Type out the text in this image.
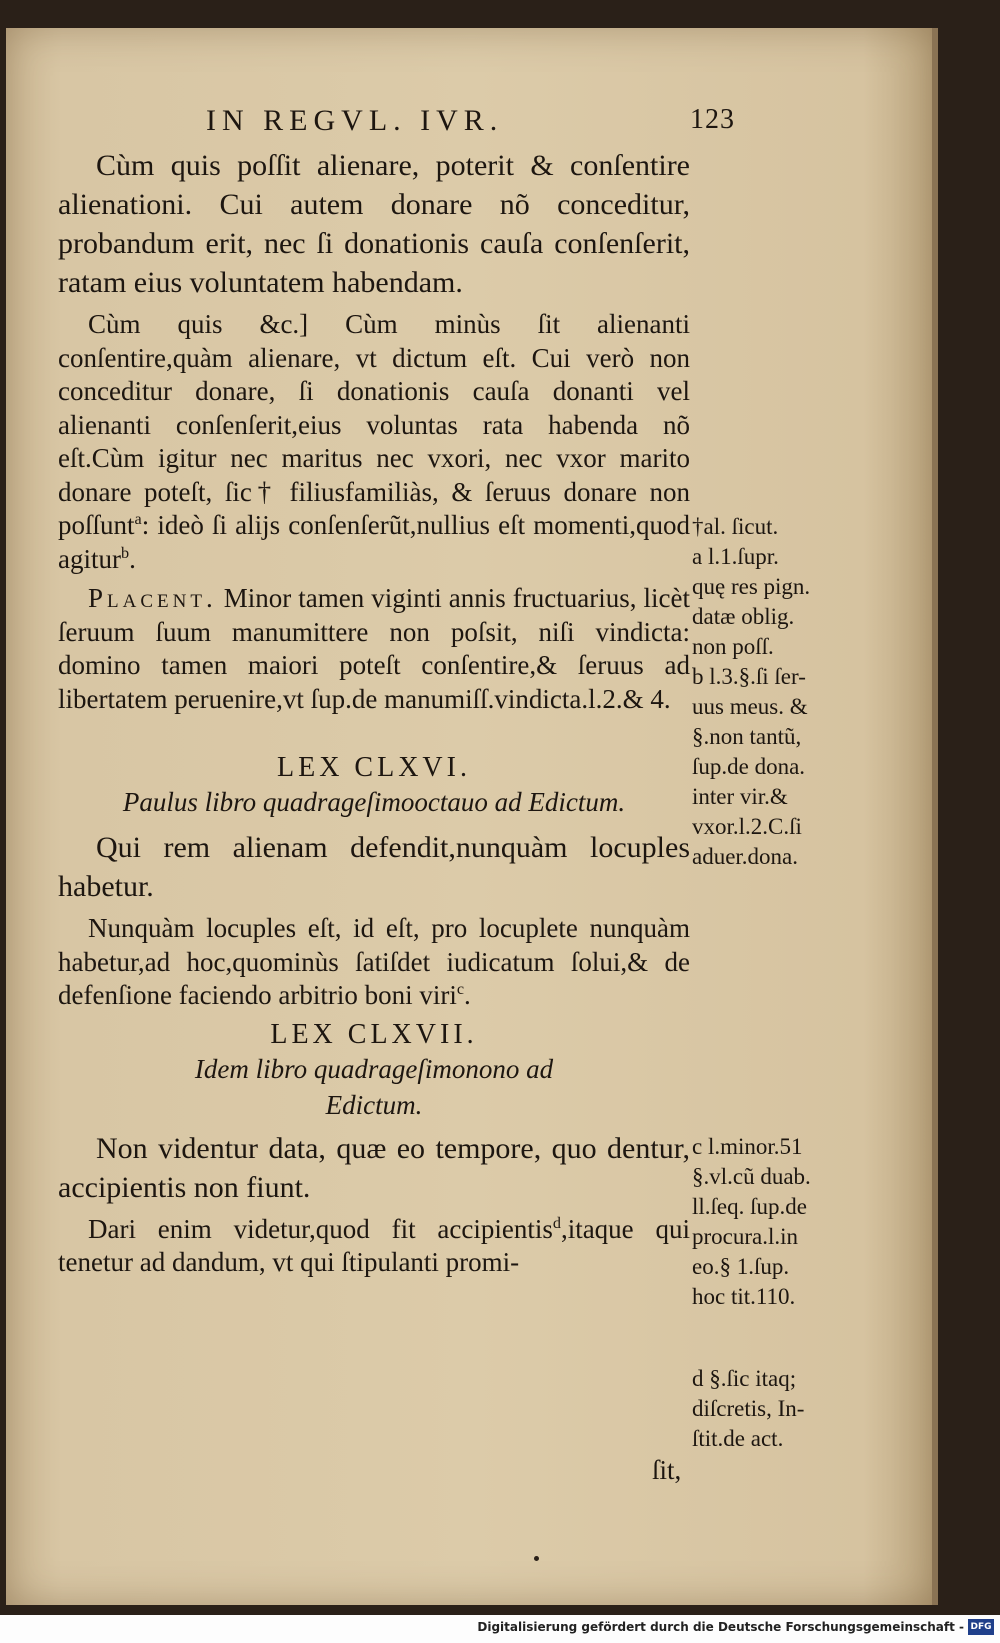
IN REGVL. IVR.	123

Cùm quis poſſit alienare, poterit & conſentire alienationi. Cui autem donare nõ conceditur, probandum erit, nec ſi donationis cauſa conſenſerit, ratam eius voluntatem habendam.

Cùm quis &c.] Cùm minùs ſit alienanti conſentire,quàm alienare, vt dictum eſt. Cui verò non conceditur donare, ſi donationis cauſa donanti vel alienanti conſenſerit,eius voluntas rata habenda nõ eſt.Cùm igitur nec maritus nec vxori, nec vxor marito donare poteſt, ſic† filiusfamiliàs, & ſeruus donare non poſſunt$^a$: ideò ſi alijs conſenſerũt,nullius eſt momenti,quod agitur$^b$.

Placent. Minor tamen viginti annis fructuarius, licèt ſeruum ſuum manumittere non poſsit, niſi vindicta: domino tamen maiori poteſt conſentire,& ſeruus ad libertatem peruenire,vt ſup.de manumiſſ.vindicta.l.2.& 4.

LEX CLXVI.

Paulus libro quadrageſimooctauo ad Edictum.

Qui rem alienam defendit,nunquàm locuples habetur.

Nunquàm locuples eſt, id eſt, pro locuplete nunquàm habetur,ad hoc,quominùs ſatiſdet iudicatum ſolui,& de defenſione faciendo arbitrio boni viri$^c$.

LEX CLXVII.

Idem libro quadrageſimonono ad Edictum.

Non videntur data, quæ eo tempore, quo dentur, accipientis non fiunt.

Dari enim videtur,quod fit accipientis$^d$,itaque qui tenetur ad dandum, vt qui ſtipulanti promi-

ſit,
†al. ſicut.
a l.1.ſupr.
quę res pign.
datæ oblig.
non poſſ.
b l.3.§.ſi ſer-
uus meus. &
§.non tantũ,
ſup.de dona.
inter vir.&
vxor.l.2.C.ſi
aduer.dona.
c l.minor.51
§.vl.cũ duab.
ll.ſeq. ſup.de
procura.l.in
eo.§ 1.ſup.
hoc tit.110.
d §.ſic itaq;
diſcretis, In-
ſtit.de act.
Digitalisierung gefördert durch die Deutsche Forschungsgemeinschaft - DFG
